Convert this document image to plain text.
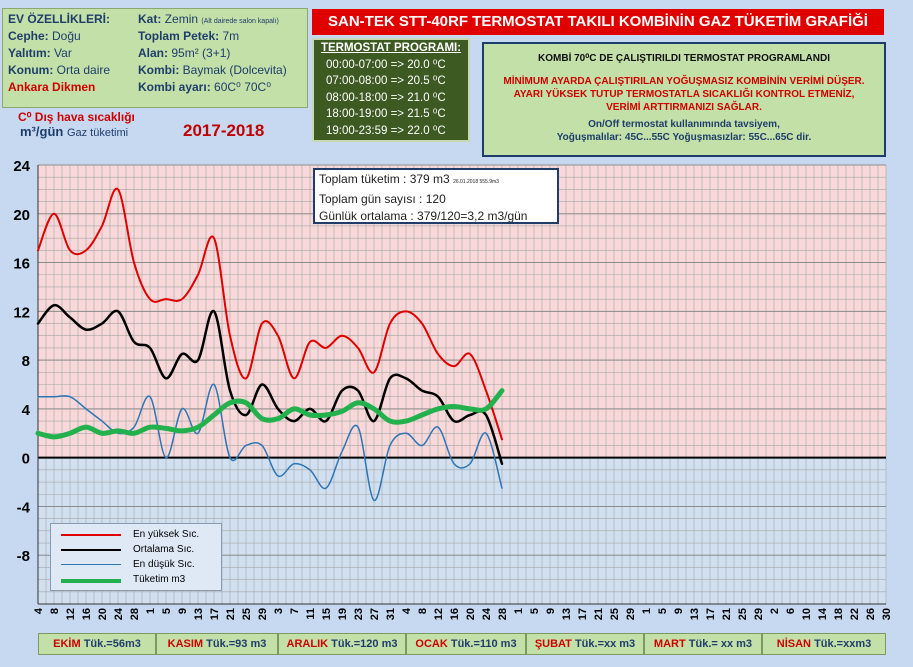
24
20
16
12
8
4
0
-4
-8
4 8 12 16 20 24 28 1 5 9 13 17 21 25 29 3 7 11 15 19 23 27 31 4 8 12 16 20 24 28 1 5 9 13 17 21 25 29 1 5 9 13 17 21 25 29 2 6 10 14 18 22 26 30
EV ÖZELLİKLERİ: Kat: Zemin (Alt dairede salon kapalı)
Cephe: Doğu	Toplam Petek: 7m
Yalıtım: Var	Alan: 95m² (3+1)
Konum: Orta daire Kombi: Baymak (Dolcevita)
Ankara Dikmen	Kombi ayarı: 60C⁰ 70C⁰
SAN-TEK STT-40RF TERMOSTAT TAKILI KOMBİNİN GAZ TÜKETİM GRAFİĞİ
TERMOSTAT PROGRAMI:
00:00-07:00 => 20.0 ⁰C
07:00-08:00 => 20.5 ⁰C
08:00-18:00 => 21.0 ⁰C
18:00-19:00 => 21.5 ⁰C
19:00-23:59 => 22.0 ⁰C
KOMBİ 70⁰C DE ÇALIŞTIRILDI TERMOSTAT PROGRAMLANDI
MİNİMUM AYARDA ÇALIŞTIRILAN YOĞUŞMASIZ KOMBİNİN VERİMİ DÜŞER.
AYARI YÜKSEK TUTUP TERMOSTATLA SICAKLIĞI KONTROL ETMENİZ,
VERİMİ ARTTIRMANIZI SAĞLAR.
On/Off termostat kullanımında tavsiyem,
Yoğuşmalılar: 45C...55C Yoğuşmasızlar: 55C...65C dir.
C⁰ Dış hava sıcaklığı
m³/gün Gaz tüketimi	2017-2018
Toplam tüketim : 379 m3 26.01.2018 555.9m3
Toplam gün sayısı : 120
Günlük ortalama : 379/120=3,2 m3/gün
En yüksek Sıc.
Ortalama Sıc.
En düşük Sıc.
Tüketim m3
EKİM Tük.=56m3	KASIM Tük.=93 m3	ARALIK Tük.=120 m3	OCAK Tük.=110 m3	ŞUBAT Tük.=xx m3	MART Tük.= xx m3	NİSAN Tük.=xxm3
